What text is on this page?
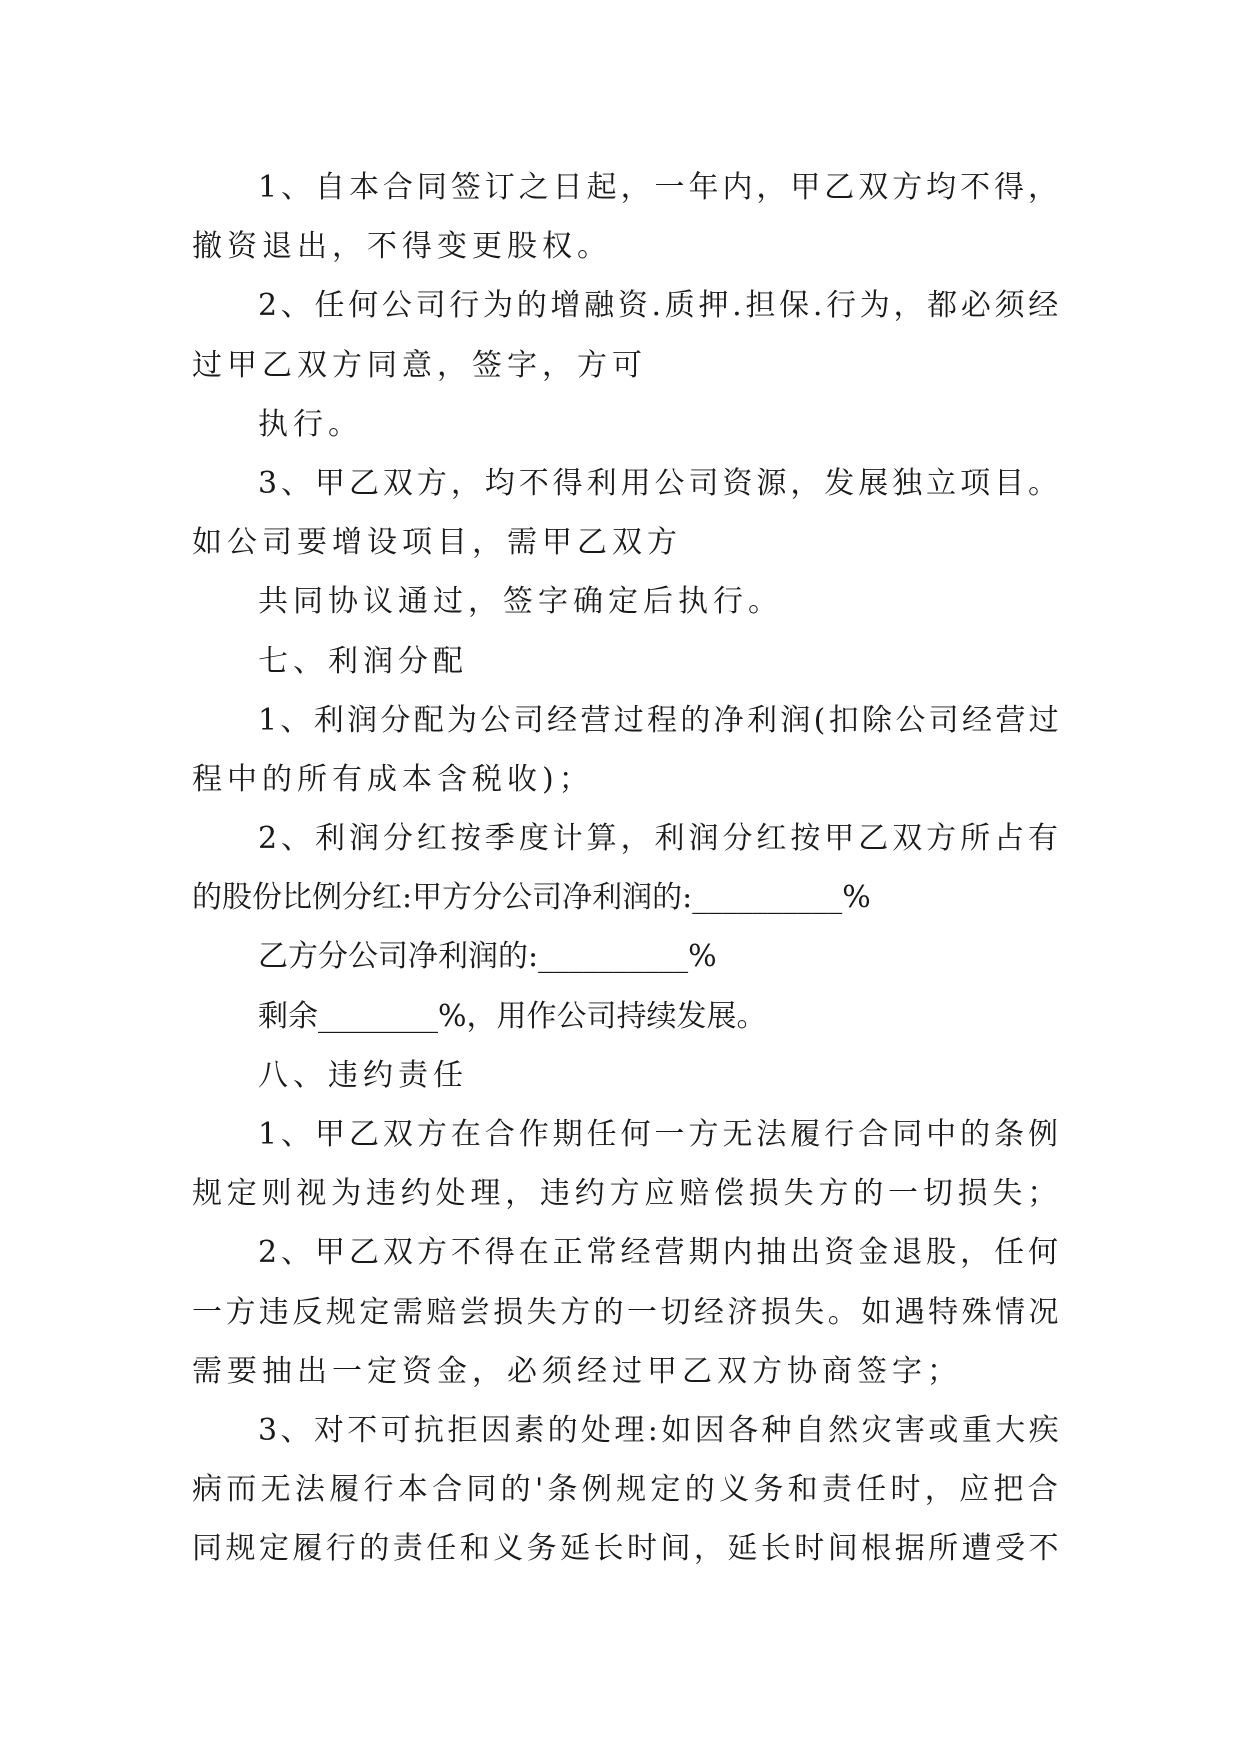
1、自本合同签订之日起，一年内，甲乙双方均不得，
撤资退出，不得变更股权。
2、任何公司行为的增融资.质押.担保.行为，都必须经
过甲乙双方同意，签字，方可
执行。
3、甲乙双方，均不得利用公司资源，发展独立项目。
如公司要增设项目，需甲乙双方
共同协议通过，签字确定后执行。
七、利润分配
1、利润分配为公司经营过程的净利润(扣除公司经营过
程中的所有成本含税收)；
2、利润分红按季度计算，利润分红按甲乙双方所占有
的股份比例分红:甲方分公司净利润的:__________%
乙方分公司净利润的:__________%
剩余________%，用作公司持续发展。
八、违约责任
1、甲乙双方在合作期任何一方无法履行合同中的条例
规定则视为违约处理，违约方应赔偿损失方的一切损失；
2、甲乙双方不得在正常经营期内抽出资金退股，任何
一方违反规定需赔尝损失方的一切经济损失。如遇特殊情况
需要抽出一定资金，必须经过甲乙双方协商签字；
3、对不可抗拒因素的处理:如因各种自然灾害或重大疾
病而无法履行本合同的'条例规定的义务和责任时，应把合
同规定履行的责任和义务延长时间，延长时间根据所遭受不
